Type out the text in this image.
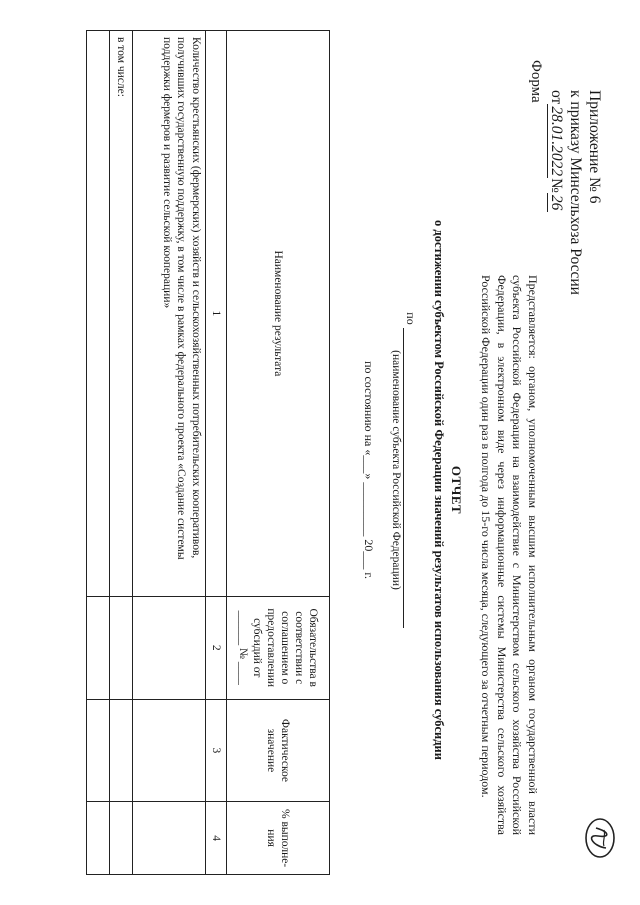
Приложение № 6
к приказу Минсельхоза России
от28.01.2022№26
Форма
Представляется: органом, уполномоченным высшим исполнительным органом государственной власти субъекта Российской Федерации на взаимодействие с Министерством сельского хозяйства Российской Федерации, в электронном виде через информационные системы Министерства сельского хозяйства Российской Федерации один раз в полгода до 15-го числа месяца, следующего за отчетным периодом.
ОТЧЕТ
о достижении субъектом Российской Федерации значений результатов использования субсидии
по
(наименование субъекта Российской Федерации)
по состоянию на «___» _________ 20___ г.
Наименование результата	Обязательства в соответствии с соглашением о предоставлении субсидий от ______ № ____	Фактическое значение	% выполне-ния
1	2	3	4
Количество крестьянских (фермерских) хозяйств и сельскохозяйственных потребительских кооперативов, получивших государственную поддержку, в том числе в рамках федерального проекта «Создание системы поддержки фермеров и развитие сельской кооперации»			
в том числе:			
